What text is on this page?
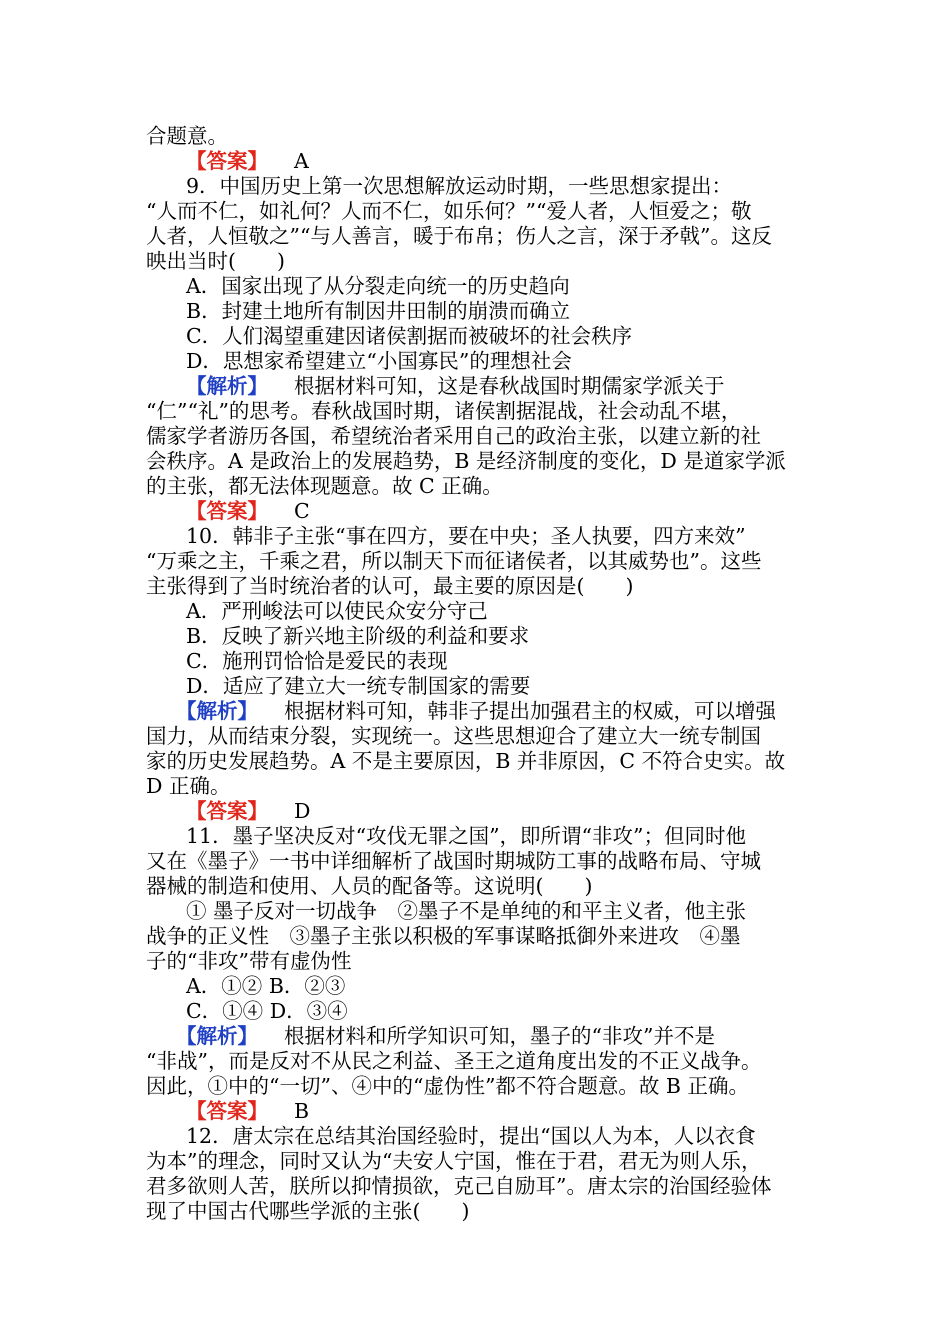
合题意。
【答案】 A
9．中国历史上第一次思想解放运动时期，一些思想家提出：
“人而不仁，如礼何？人而不仁，如乐何？”“爱人者，人恒爱之；敬
人者，人恒敬之”“与人善言，暖于布帛；伤人之言，深于矛戟”。这反
映出当时(　　)
A．国家出现了从分裂走向统一的历史趋向
B．封建土地所有制因井田制的崩溃而确立
C．人们渴望重建因诸侯割据而被破坏的社会秩序
D．思想家希望建立“小国寡民”的理想社会
【解析】 根据材料可知，这是春秋战国时期儒家学派关于
“仁”“礼”的思考。春秋战国时期，诸侯割据混战，社会动乱不堪，
儒家学者游历各国，希望统治者采用自己的政治主张，以建立新的社
会秩序。A 是政治上的发展趋势，B 是经济制度的变化，D 是道家学派
的主张，都无法体现题意。故 C 正确。
【答案】 C
10．韩非子主张“事在四方，要在中央；圣人执要，四方来效”
“万乘之主，千乘之君，所以制天下而征诸侯者，以其威势也”。这些
主张得到了当时统治者的认可，最主要的原因是(　　)
A．严刑峻法可以使民众安分守己
B．反映了新兴地主阶级的利益和要求
C．施刑罚恰恰是爱民的表现
D．适应了建立大一统专制国家的需要
【解析】 根据材料可知，韩非子提出加强君主的权威，可以增强
国力，从而结束分裂，实现统一。这些思想迎合了建立大一统专制国
家的历史发展趋势。A 不是主要原因，B 并非原因，C 不符合史实。故
D 正确。
【答案】 D
11．墨子坚决反对“攻伐无罪之国”，即所谓“非攻”；但同时他
又在《墨子》一书中详细解析了战国时期城防工事的战略布局、守城
器械的制造和使用、人员的配备等。这说明(　　)
① 墨子反对一切战争　②墨子不是单纯的和平主义者，他主张
战争的正义性　③墨子主张以积极的军事谋略抵御外来进攻　④墨
子的“非攻”带有虚伪性
A．①② B．②③
C．①④ D．③④
【解析】 根据材料和所学知识可知，墨子的“非攻”并不是
“非战”，而是反对不从民之利益、圣王之道角度出发的不正义战争。
因此，①中的“一切”、④中的“虚伪性”都不符合题意。故 B 正确。
【答案】 B
12．唐太宗在总结其治国经验时，提出“国以人为本，人以衣食
为本”的理念，同时又认为“夫安人宁国，惟在于君，君无为则人乐，
君多欲则人苦，朕所以抑情损欲，克己自励耳”。唐太宗的治国经验体
现了中国古代哪些学派的主张(　　)
